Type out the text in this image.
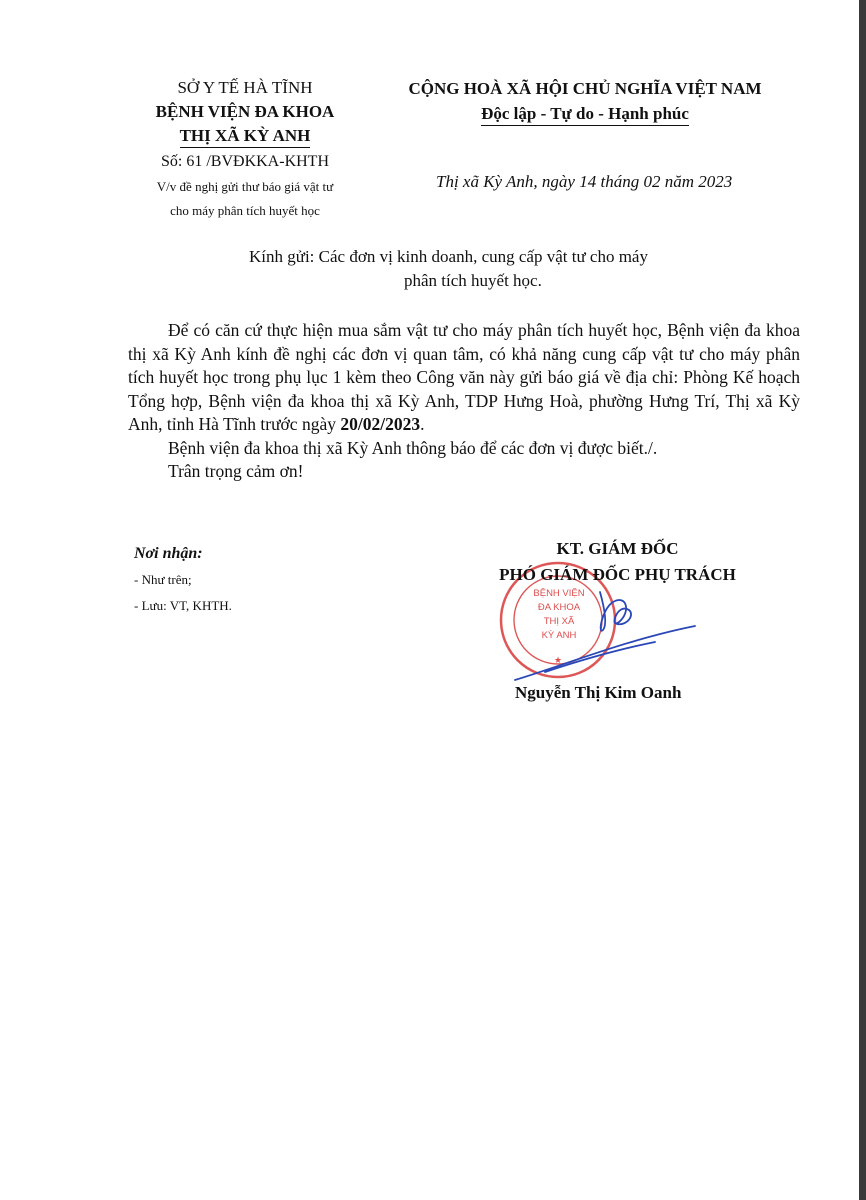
SỞ Y TẾ HÀ TĨNH
BỆNH VIỆN ĐA KHOA
THỊ XÃ KỲ ANH
Số: 61 /BVĐKKA-KHTH
V/v đề nghị gửi thư báo giá vật tư
cho máy phân tích huyết học
CỘNG HOÀ XÃ HỘI CHỦ NGHĨA VIỆT NAM
Độc lập - Tự do - Hạnh phúc
Thị xã Kỳ Anh, ngày 14 tháng 02 năm 2023
Kính gửi: Các đơn vị kinh doanh, cung cấp vật tư cho máy
phân tích huyết học.

Để có căn cứ thực hiện mua sắm vật tư cho máy phân tích huyết học, Bệnh viện đa khoa thị xã Kỳ Anh kính đề nghị các đơn vị quan tâm, có khả năng cung cấp vật tư cho máy phân tích huyết học trong phụ lục 1 kèm theo Công văn này gửi báo giá về địa chỉ: Phòng Kế hoạch Tổng hợp, Bệnh viện đa khoa thị xã Kỳ Anh, TDP Hưng Hoà, phường Hưng Trí, Thị xã Kỳ Anh, tỉnh Hà Tĩnh trước ngày 20/02/2023.

Bệnh viện đa khoa thị xã Kỳ Anh thông báo để các đơn vị được biết./.

Trân trọng cảm ơn!

Nơi nhận:
- Như trên;
- Lưu: VT, KHTH.
BỆNH VIỆN
ĐA KHOA
THỊ XÃ
KỲ ANH
★
KT. GIÁM ĐỐC
PHÓ GIÁM ĐỐC PHỤ TRÁCH
Nguyễn Thị Kim Oanh
